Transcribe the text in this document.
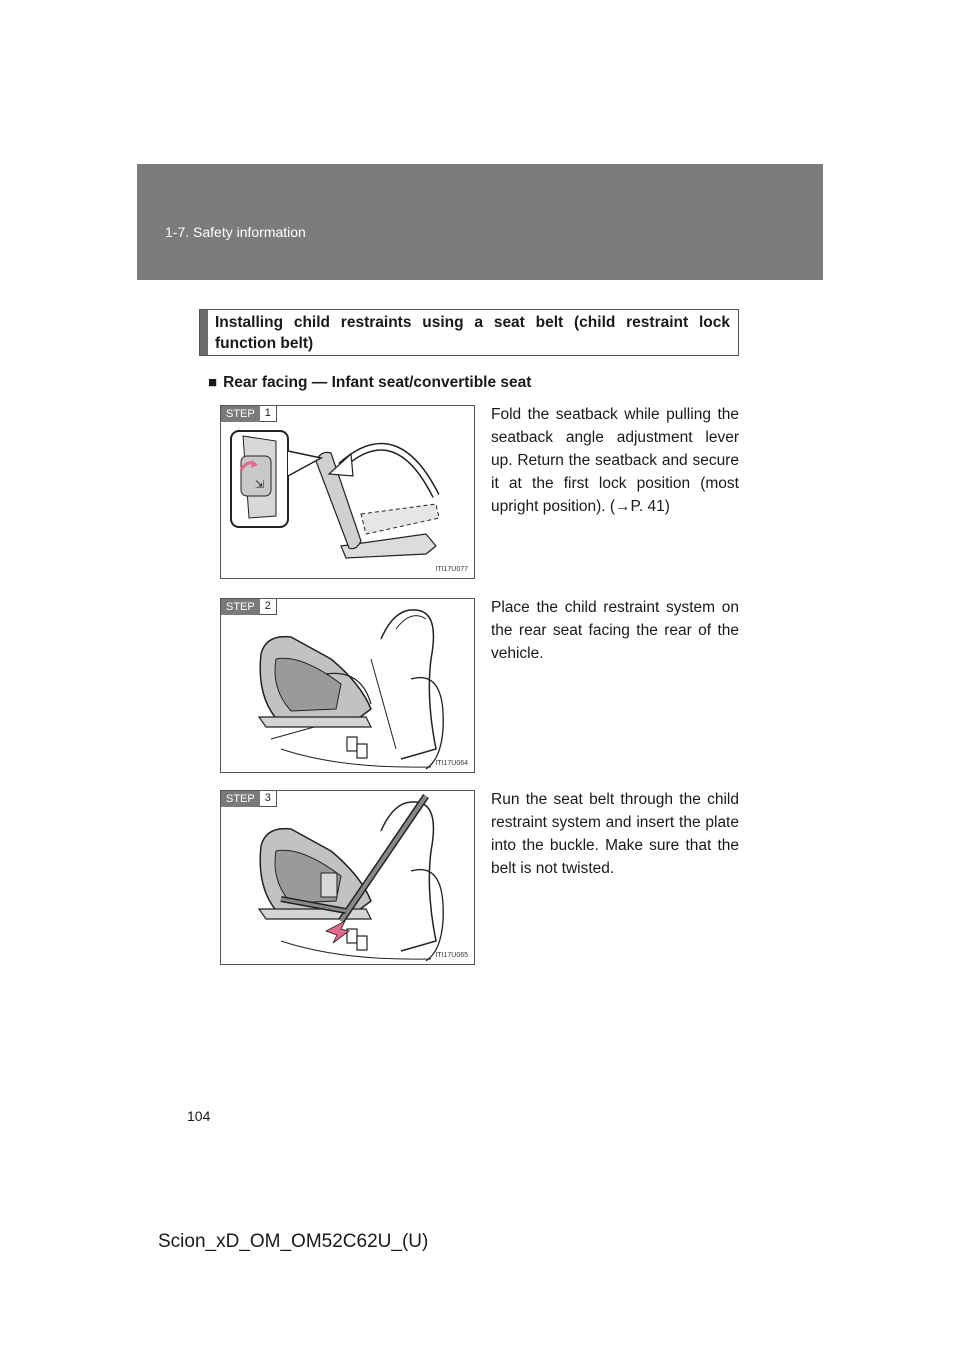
1-7. Safety information
Installing child restraints using a seat belt (child restraint lock function belt)
■ Rear facing — Infant seat/convertible seat
⇲
STEP 1
ITI17U077
Fold the seatback while pulling the seatback angle adjustment lever up. Return the seatback and secure it at the first lock position (most upright position). (→P. 41)
STEP 2
ITI17U064
Place the child restraint system on the rear seat facing the rear of the vehicle.
STEP 3
ITI17U065
Run the seat belt through the child restraint system and insert the plate into the buckle. Make sure that the belt is not twisted.
104
Scion_xD_OM_OM52C62U_(U)
